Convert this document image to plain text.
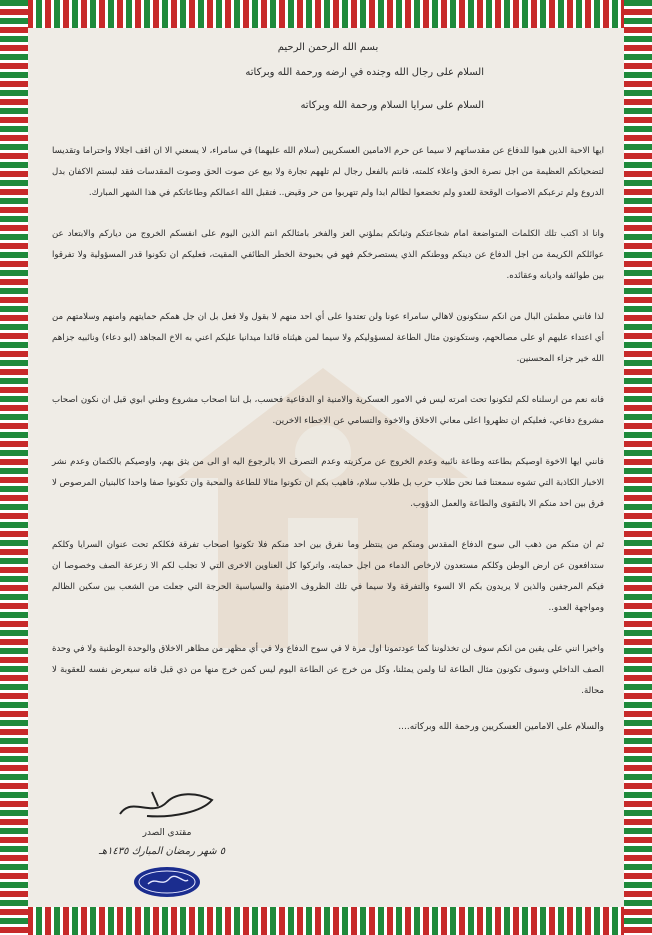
بسم الله الرحمن الرحيم
السلام على رجال الله وجنده في ارضه ورحمة الله وبركاته
السلام على سرايا السلام ورحمة الله وبركاته

ايها الاحبة الذين هبوا للدفاع عن مقدساتهم لا سيما عن حرم الامامين العسكريين (سلام الله عليهما) في سامراء، لا يسعني الا ان اقف اجلالا واحتراما وتقديسا لتضحياتكم العظيمة من اجل نصرة الحق واعلاء كلمته، فانتم بالفعل رجال لم تلههم تجارة ولا بيع عن صوت الحق وصوت المقدسات فقد لبستم الاكفان بدل الدروع ولم ترعبكم الاصوات الوقحة للعدو ولم تخضعوا لظالم ابدا ولم تتهربوا من حر وقيض.. فتقبل الله اعمالكم وطاعاتكم في هذا الشهر المبارك.

وانا اذ اكتب تلك الكلمات المتواضعة امام شجاعتكم وثباتكم بملؤني العز والفخر بامثالكم انتم الذين اليوم على انفسكم الخروج من دياركم والابتعاد عن عوائلكم الكريمة من اجل الدفاع عن دينكم ووطنكم الذي يستصرخكم فهو في بحبوحة الخطر الطائفي المقيت، فعليكم ان تكونوا قدر المسؤولية ولا تفرقوا بين طوائفه واديانه وعقائده.

لذا فانني مطمئن البال من انكم ستكونون لاهالي سامراء عونا ولن تعتدوا على أي احد منهم لا بقول ولا فعل بل ان جل همكم حمايتهم وامنهم وسلامتهم من أي اعتداء عليهم او على مصالحهم، وستكونون مثال الطاعة لمسؤوليكم ولا سيما لمن هيئناه قائدا ميدانيا عليكم اعني به الاخ المجاهد (ابو دعاء) ونائبيه جزاهم الله خير جزاء المحسنين.

فانه نعم من ارسلناه لكم لتكونوا تحت امرته ليس في الامور العسكرية والامنية او الدفاعية فحسب، بل اننا اصحاب مشروع وطني ابوي قبل ان نكون اصحاب مشروع دفاعي، فعليكم ان تظهروا اعلى معاني الاخلاق والاخوة والتسامي عن الاخطاء الاخرين.

فانني ايها الاخوة اوصيكم بطاعته وطاعة نائبيه وعدم الخروج عن مركزيته وعدم التصرف الا بالرجوع اليه او الى من يثق بهم، واوصيكم بالكتمان وعدم نشر الاخبار الكاذبة التي تشوه سمعتنا فما نحن طلاب حرب بل طلاب سلام، فاهيب بكم ان تكونوا مثالا للطاعة والمحبة وان تكونوا صفا واحدا كالبنيان المرصوص لا فرق بين احد منكم الا بالتقوى والطاعة والعمل الدؤوب.

ثم ان منكم من ذهب الى سوح الدفاع المقدس ومنكم من ينتظر وما نفرق بين احد منكم فلا تكونوا اصحاب تفرقة فكلكم تحت عنوان السرايا وكلكم ستدافعون عن ارض الوطن وكلكم مستعدون لارخاص الدماء من اجل حمايته، واتركوا كل العناوين الاخرى التي لا تجلب لكم الا زعزعة الصف وخصوصا ان فيكم المرجفين والذين لا يريدون بكم الا السوء والتفرقة ولا سيما في تلك الظروف الامنية والسياسية الحرجة التي جعلت من الشعب بين سكين الظالم ومواجهة العدو..

واخيرا انني على يقين من انكم سوف لن تخذلوننا كما عودتمونا اول مرة لا في سوح الدفاع ولا في أي مظهر من مظاهر الاخلاق والوحدة الوطنية ولا في وحدة الصف الداخلي وسوف تكونون مثال الطاعة لنا ولمن يمثلنا، وكل من خرج عن الطاعة اليوم ليس كمن خرج منها من ذي قبل فانه سيعرض نفسه للعقوبة لا محالة.

والسلام على الامامين العسكريين ورحمة الله وبركاته....
مقتدى الصدر
٥ شهر رمضان المبارك ١٤٣٥هـ
